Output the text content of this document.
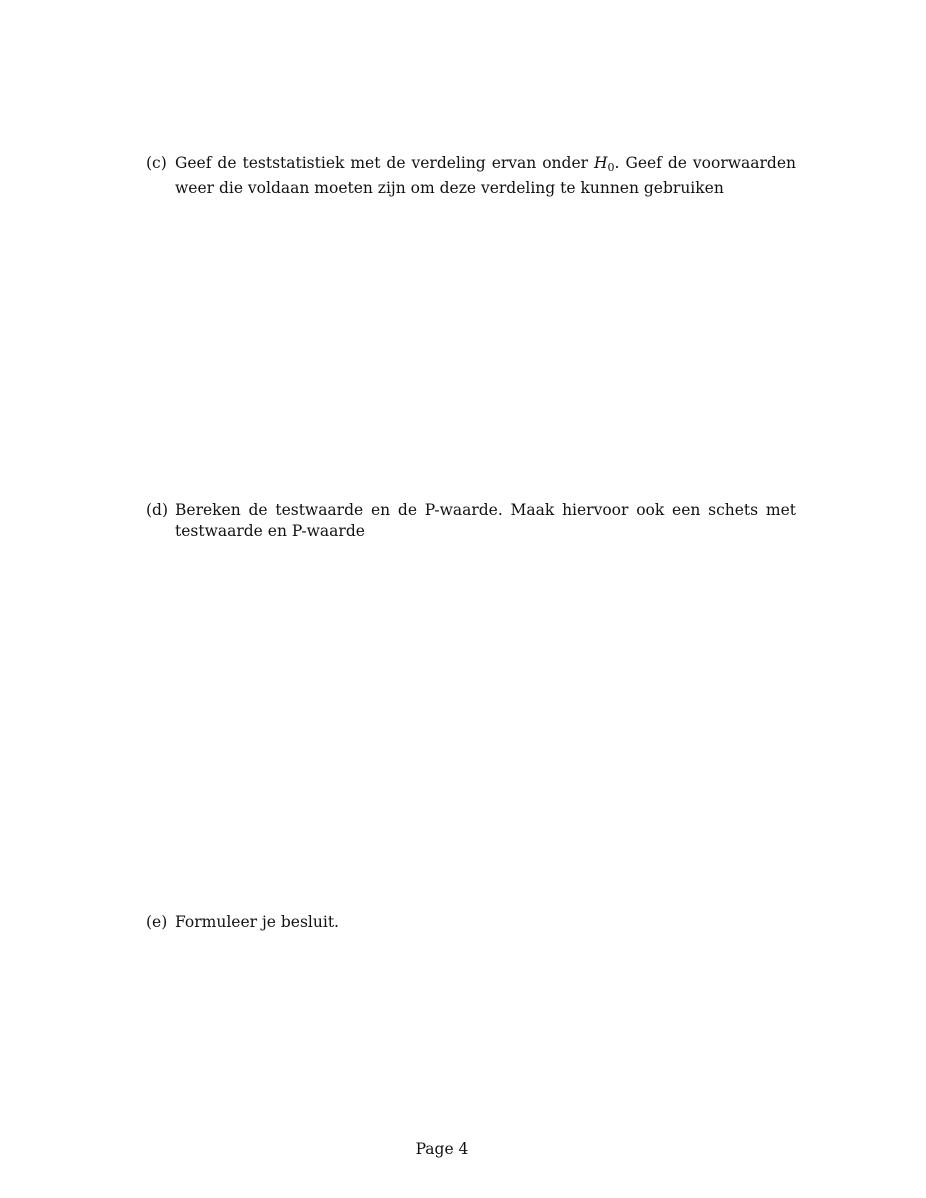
(c) Geef de teststatistiek met de verdeling ervan onder H0. Geef de voorwaarden weer die voldaan moeten zijn om deze verdeling te kunnen gebruiken
(d) Bereken de testwaarde en de P-waarde. Maak hiervoor ook een schets met testwaarde en P-waarde
(e) Formuleer je besluit.
Page 4
